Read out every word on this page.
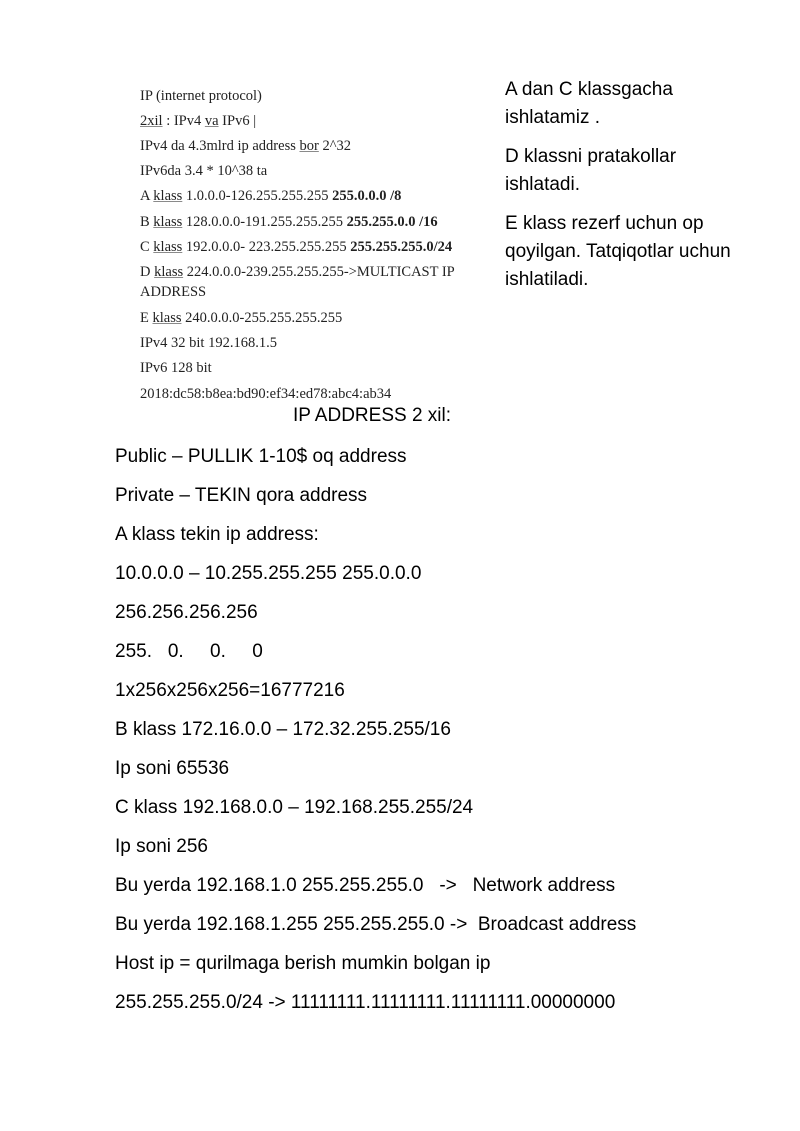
IP (internet protocol)
2xil : IPv4 va IPv6 |
IPv4 da 4.3mlrd ip address bor 2^32
IPv6da 3.4 * 10^38 ta
A klass 1.0.0.0-126.255.255.255 255.0.0.0 /8
B klass 128.0.0.0-191.255.255.255 255.255.0.0 /16
C klass 192.0.0.0- 223.255.255.255 255.255.255.0/24
D klass 224.0.0.0-239.255.255.255->MULTICAST IP
ADDRESS
E klass 240.0.0.0-255.255.255.255
IPv4 32 bit 192.168.1.5
IPv6 128 bit
2018:dc58:b8ea:bd90:ef34:ed78:abc4:ab34

A dan C klassgacha ishlatamiz .

D klassni pratakollar ishlatadi.

E klass rezerf uchun op qoyilgan. Tatqiqotlar uchun ishlatiladi.

IP ADDRESS 2 xil:
Public – PULLIK 1-10$ oq address
Private – TEKIN qora address
A klass tekin ip address:
10.0.0.0 – 10.255.255.255 255.0.0.0
256.256.256.256
255.   0.     0.     0
1x256x256x256=16777216
B klass 172.16.0.0 – 172.32.255.255/16
Ip soni 65536
C klass 192.168.0.0 – 192.168.255.255/24
Ip soni 256
Bu yerda 192.168.1.0 255.255.255.0   ->   Network address
Bu yerda 192.168.1.255 255.255.255.0 ->  Broadcast address
Host ip = qurilmaga berish mumkin bolgan ip
255.255.255.0/24 -> 11111111.11111111.11111111.00000000
